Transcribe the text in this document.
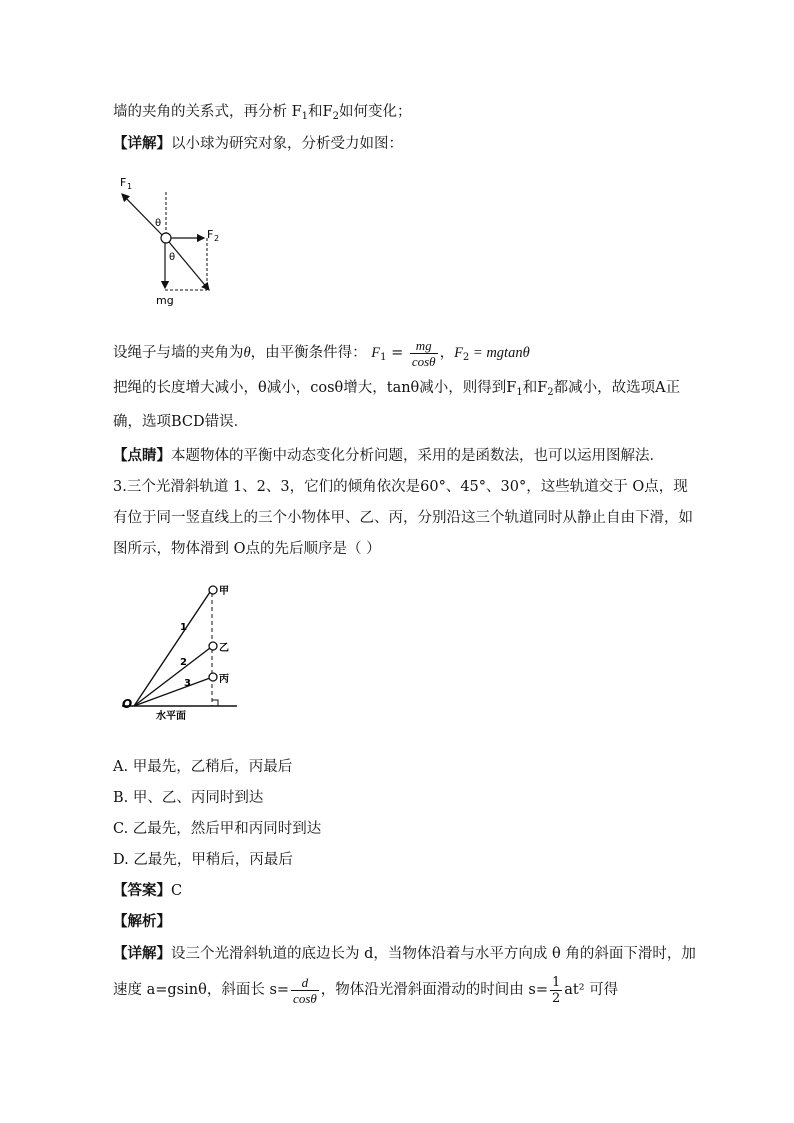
墙的夹角的关系式，再分析 $F_1$和$F_2$如何变化；
【详解】以小球为研究对象，分析受力如图：
F 1
θ
F 2
θ
mg
设绳子与墙的夹角为θ，由平衡条件得： $F_1 = \frac{mg}{\cos\theta}$ ，$F_2 = mgtan\theta$
把绳的长度增大减小，θ减小，cosθ增大，tanθ减小，则得到$F_1$和$F_2$都减小，故选项A正
确，选项BCD错误．
【点睛】本题物体的平衡中动态变化分析问题，采用的是函数法，也可以运用图解法．
3.三个光滑斜轨道 1、2、3，它们的倾角依次是60°、45°、30°，这些轨道交于 O点，现
有位于同一竖直线上的三个小物体甲、乙、丙，分别沿这三个轨道同时从静止自由下滑，如
图所示，物体滑到 O点的先后顺序是（ ）
甲
乙
丙
1
2
3
O
水平面
A. 甲最先，乙稍后，丙最后
B. 甲、乙、丙同时到达
C. 乙最先，然后甲和丙同时到达
D. 乙最先，甲稍后，丙最后
【答案】C
【解析】
【详解】设三个光滑斜轨道的底边长为 d，当物体沿着与水平方向成 θ 角的斜面下滑时，加
速度 a=gsinθ，斜面长 $s= \frac{d}{\cos\theta}$ ，物体沿光滑斜面滑动的时间由 $s= \frac{1}{2} at^2$ 可得
